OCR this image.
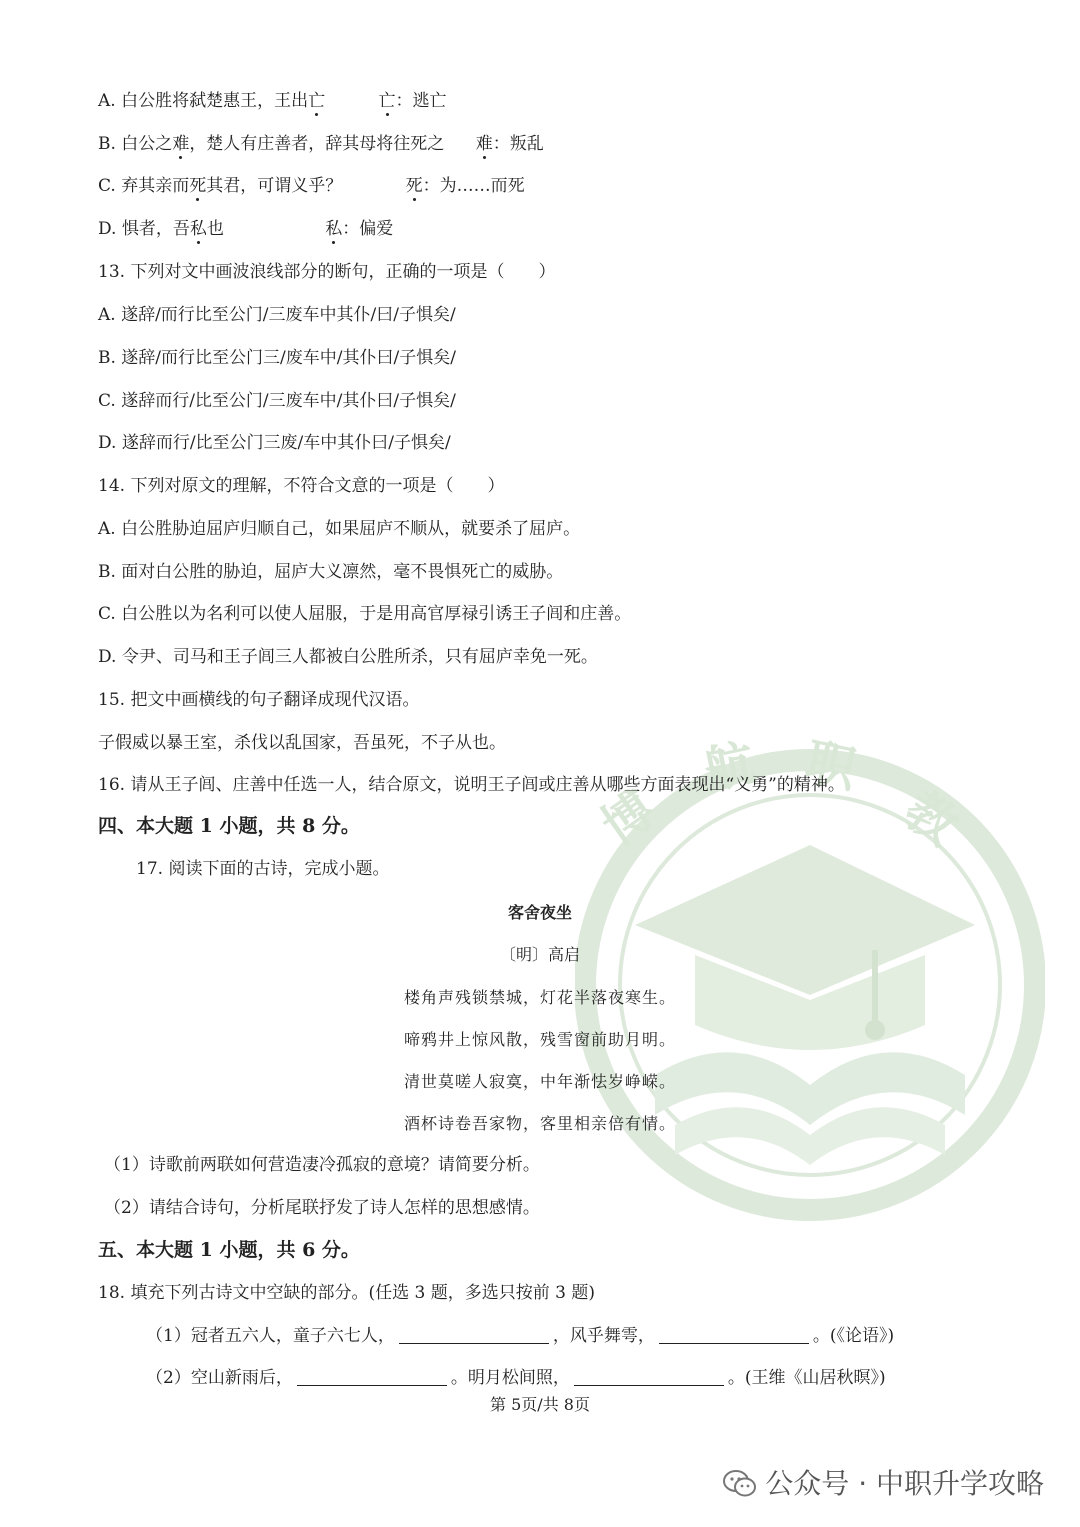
博
航 职
教
A. 白公胜将弑楚惠王，王出亡	亡：逃亡
B. 白公之难，楚人有庄善者，辞其母将往死之 难：叛乱
C. 弃其亲而死其君，可谓义乎？	死：为……而死
D. 惧者，吾私也	私：偏爱
13. 下列对文中画波浪线部分的断句，正确的一项是（　　）
A. 遂辞/而行比至公门/三废车中其仆/曰/子惧矣/
B. 遂辞/而行比至公门三/废车中/其仆曰/子惧矣/
C. 遂辞而行/比至公门/三废车中/其仆曰/子惧矣/
D. 遂辞而行/比至公门三废/车中其仆曰/子惧矣/
14. 下列对原文的理解，不符合文意的一项是（　　）
A. 白公胜胁迫屈庐归顺自己，如果屈庐不顺从，就要杀了屈庐。
B. 面对白公胜的胁迫，屈庐大义凛然，毫不畏惧死亡的威胁。
C. 白公胜以为名利可以使人屈服，于是用高官厚禄引诱王子闾和庄善。
D. 令尹、司马和王子闾三人都被白公胜所杀，只有屈庐幸免一死。
15. 把文中画横线的句子翻译成现代汉语。
子假威以暴王室，杀伐以乱国家，吾虽死，不子从也。
16. 请从王子闾、庄善中任选一人，结合原文，说明王子闾或庄善从哪些方面表现出“义勇”的精神。
四、本大题 1 小题，共 8 分。
17. 阅读下面的古诗，完成小题。
客舍夜坐
〔明〕高启
楼角声残锁禁城，灯花半落夜寒生。
啼鸦井上惊风散，残雪窗前助月明。
清世莫嗟人寂寞，中年渐怯岁峥嵘。
酒杯诗卷吾家物，客里相亲倍有情。
（1）诗歌前两联如何营造凄冷孤寂的意境？请简要分析。
（2）请结合诗句，分析尾联抒发了诗人怎样的思想感情。
五、本大题 1 小题，共 6 分。
18. 填充下列古诗文中空缺的部分。(任选 3 题，多选只按前 3 题)
（1）冠者五六人，童子六七人，	，风乎舞雩，	。(《论语》)
（2）空山新雨后，	。明月松间照，	。(王维《山居秋暝》)
第 5页/共 8页
公众号 · 中职升学攻略
